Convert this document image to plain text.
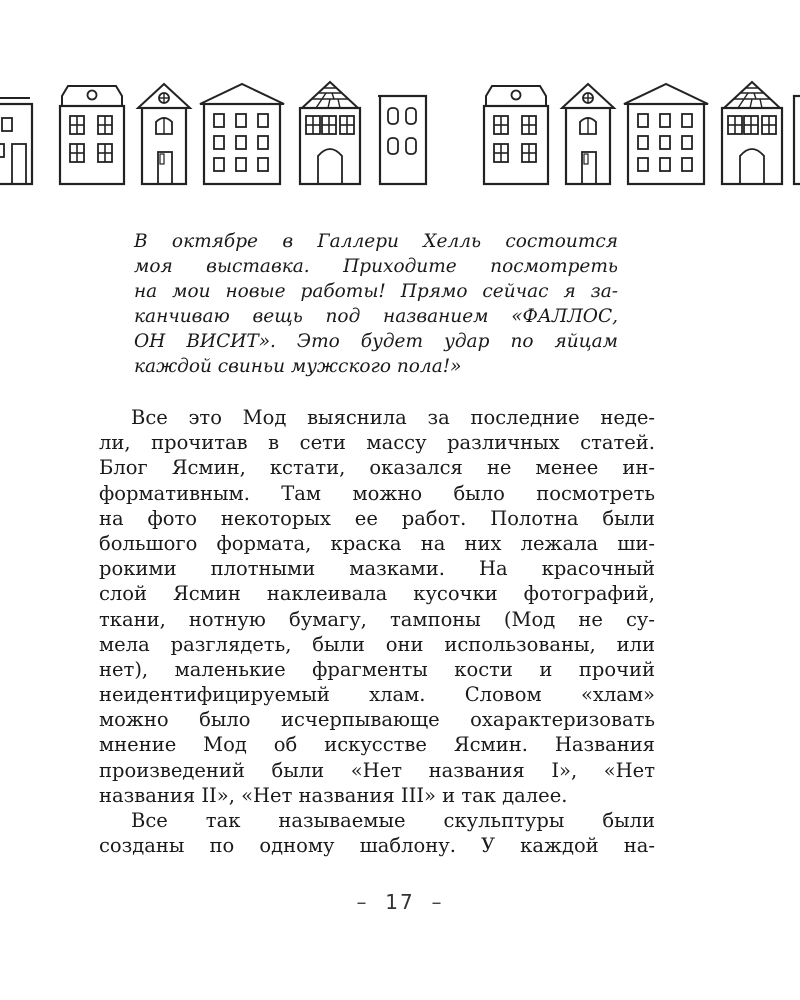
В октябре в Галлери Хелль состоится
моя выставка. Приходите посмотреть
на мои новые работы! Прямо сейчас я за-
канчиваю вещь под названием «ФАЛЛОС,
ОН ВИСИТ». Это будет удар по яйцам
каждой свиньи мужского пола!»
Все это Мод выяснила за последние неде-
ли, прочитав в сети массу различных статей.
Блог Ясмин, кстати, оказался не менее ин-
формативным. Там можно было посмотреть
на фото некоторых ее работ. Полотна были
большого формата, краска на них лежала ши-
рокими плотными мазками. На красочный
слой Ясмин наклеивала кусочки фотографий,
ткани, нотную бумагу, тампоны (Мод не су-
мела разглядеть, были они использованы, или
нет), маленькие фрагменты кости и прочий
неидентифицируемый хлам. Словом «хлам»
можно было исчерпывающе охарактеризовать
мнение Мод об искусстве Ясмин. Названия
произведений были «Нет названия I», «Нет
названия II», «Нет названия III» и так далее.
Все так называемые скульптуры были
созданы по одному шаблону. У каждой на-
– 17 –
